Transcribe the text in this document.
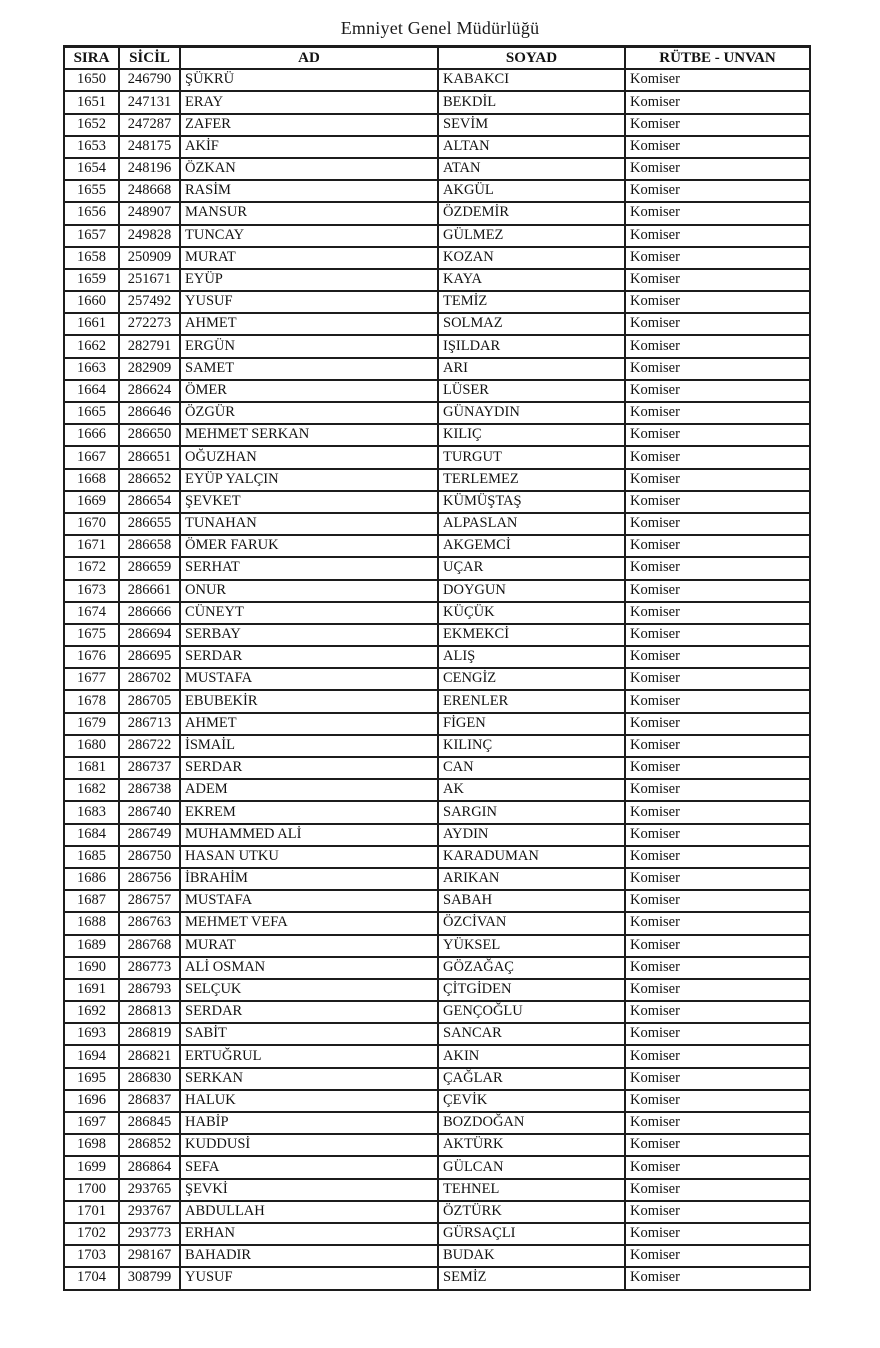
Emniyet Genel Müdürlüğü
SIRA	SİCİL	AD	SOYAD	RÜTBE - UNVAN
1650	246790	ŞÜKRÜ	KABAKCI	Komiser
1651	247131	ERAY	BEKDİL	Komiser
1652	247287	ZAFER	SEVİM	Komiser
1653	248175	AKİF	ALTAN	Komiser
1654	248196	ÖZKAN	ATAN	Komiser
1655	248668	RASİM	AKGÜL	Komiser
1656	248907	MANSUR	ÖZDEMİR	Komiser
1657	249828	TUNCAY	GÜLMEZ	Komiser
1658	250909	MURAT	KOZAN	Komiser
1659	251671	EYÜP	KAYA	Komiser
1660	257492	YUSUF	TEMİZ	Komiser
1661	272273	AHMET	SOLMAZ	Komiser
1662	282791	ERGÜN	IŞILDAR	Komiser
1663	282909	SAMET	ARI	Komiser
1664	286624	ÖMER	LÜSER	Komiser
1665	286646	ÖZGÜR	GÜNAYDIN	Komiser
1666	286650	MEHMET SERKAN	KILIÇ	Komiser
1667	286651	OĞUZHAN	TURGUT	Komiser
1668	286652	EYÜP YALÇIN	TERLEMEZ	Komiser
1669	286654	ŞEVKET	KÜMÜŞTAŞ	Komiser
1670	286655	TUNAHAN	ALPASLAN	Komiser
1671	286658	ÖMER FARUK	AKGEMCİ	Komiser
1672	286659	SERHAT	UÇAR	Komiser
1673	286661	ONUR	DOYGUN	Komiser
1674	286666	CÜNEYT	KÜÇÜK	Komiser
1675	286694	SERBAY	EKMEKCİ	Komiser
1676	286695	SERDAR	ALIŞ	Komiser
1677	286702	MUSTAFA	CENGİZ	Komiser
1678	286705	EBUBEKİR	ERENLER	Komiser
1679	286713	AHMET	FİGEN	Komiser
1680	286722	İSMAİL	KILINÇ	Komiser
1681	286737	SERDAR	CAN	Komiser
1682	286738	ADEM	AK	Komiser
1683	286740	EKREM	SARGIN	Komiser
1684	286749	MUHAMMED ALİ	AYDIN	Komiser
1685	286750	HASAN UTKU	KARADUMAN	Komiser
1686	286756	İBRAHİM	ARIKAN	Komiser
1687	286757	MUSTAFA	SABAH	Komiser
1688	286763	MEHMET VEFA	ÖZCİVAN	Komiser
1689	286768	MURAT	YÜKSEL	Komiser
1690	286773	ALİ OSMAN	GÖZAĞAÇ	Komiser
1691	286793	SELÇUK	ÇİTGİDEN	Komiser
1692	286813	SERDAR	GENÇOĞLU	Komiser
1693	286819	SABİT	SANCAR	Komiser
1694	286821	ERTUĞRUL	AKIN	Komiser
1695	286830	SERKAN	ÇAĞLAR	Komiser
1696	286837	HALUK	ÇEVİK	Komiser
1697	286845	HABİP	BOZDOĞAN	Komiser
1698	286852	KUDDUSİ	AKTÜRK	Komiser
1699	286864	SEFA	GÜLCAN	Komiser
1700	293765	ŞEVKİ	TEHNEL	Komiser
1701	293767	ABDULLAH	ÖZTÜRK	Komiser
1702	293773	ERHAN	GÜRSAÇLI	Komiser
1703	298167	BAHADIR	BUDAK	Komiser
1704	308799	YUSUF	SEMİZ	Komiser
